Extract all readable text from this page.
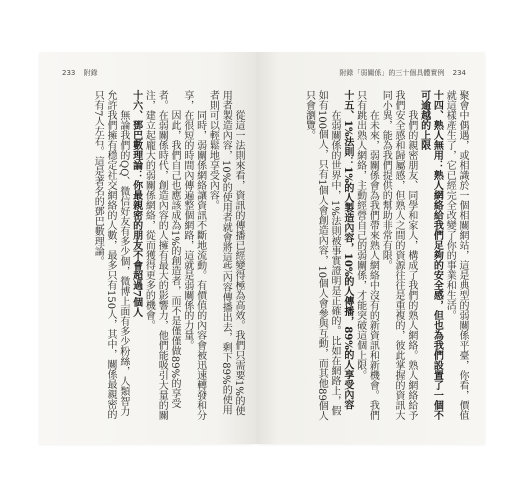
233 附錄

從這一法則來看，資訊的傳播已經變得極為高效。我們只需要1%的使用者製造內容，10%的使用者就會將這些內容傳播出去，剩下89%的使用者則可以輕鬆地享受內容。

同時，弱關係網絡讓資訊不斷地流動。有價值的內容會被迅速轉發和分享，在很短的時間內傳遍整個網路，這就是弱關係的力量。

因此，我們自己也應該成為1%的創造者，而不是僅僅做89%的享受者。在弱關係時代，創造內容的人擁有最大的影響力，他們能吸引大量的關注，建立起龐大的弱關係網絡，從而獲得更多的機會。

十六、鄧巴數理論：你最親密的朋友不會超過7個人

無論我們的QQ、微信好友有多少個，微博上面有多少粉絲，人類智力允許我們擁有穩定社交網絡的人數，最多只有150人，其中，關係最親密的只有7人左右。這是著名的鄧巴數理論。

附錄「弱關係」的三十個具體實例 234

聚會中偶遇，或相識於一個相關網站，這是典型的弱關係平臺，你看，價值就這樣產生了，它已經完全改變了你的事業和生活。

十四、熟人無用：熟人網絡給我們足夠的安全感，但也為我們設置了一個不可逾越的上限

我們的親密朋友、同學和家人，構成了我們的熟人網絡。熟人網絡給予我們安全感和歸屬感，但熟人之間的資源往往是重複的，彼此掌握的資訊大同小異，能為我們提供的幫助非常有限。

在未來，弱關係會為我們帶來熟人網絡中沒有的新資訊和新機會。我們只有跳出熟人網絡，主動經營自己的弱關係，才能突破這個上限。

十五、1%法則：1%的人製造內容，10%的人傳播，89%的人享受內容

在弱關係的世界中，1%法則被事實證明是正確的。比如在網路上，假如有100個人，只有1個人會創造內容，10個人會參與互動，而其他89個人只會瀏覽。
